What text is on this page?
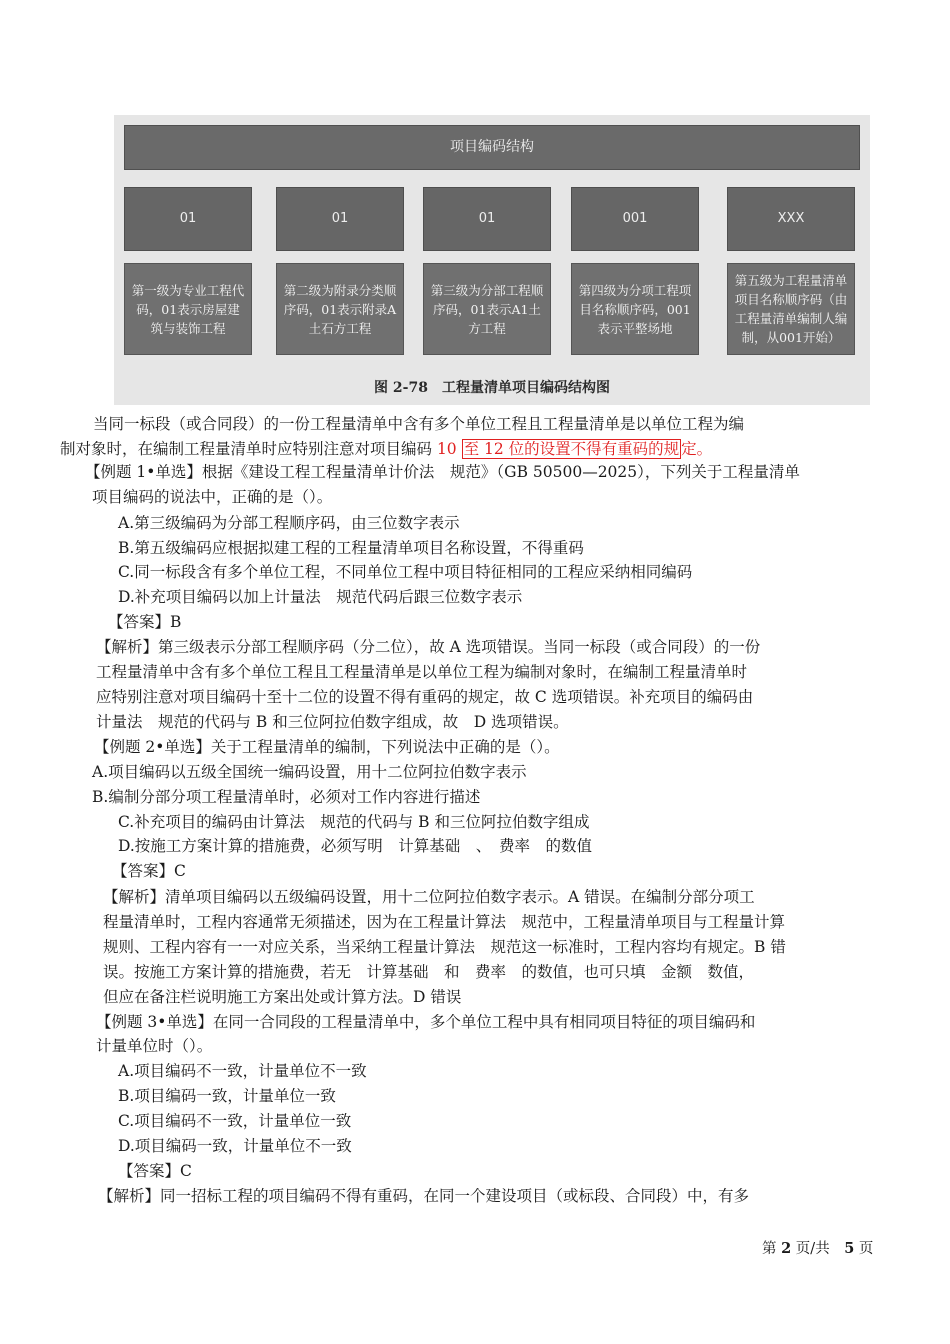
项目编码结构
01	01	01	001	XXX
第一级为专业工程代码，01表示房屋建筑与装饰工程
第二级为附录分类顺序码，01表示附录A土石方工程
第三级为分部工程顺序码，01表示A1土方工程
第四级为分项工程项目名称顺序码，001表示平整场地
第五级为工程量清单项目名称顺序码（由工程量清单编制人编制，从001开始）
图 2-78　工程量清单项目编码结构图
当同一标段（或合同段）的一份工程量清单中含有多个单位工程且工程量清单是以单位工程为编
制对象时，在编制工程量清单时应特别注意对项目编码 10 至 12 位的设置不得有重码的规 定。
【例题 1•单选】根据《建设工程工程量清单计价法　规范》（GB 50500—2025），下列关于工程量清单
项目编码的说法中，正确的是（）。
A.第三级编码为分部工程顺序码，由三位数字表示
B.第五级编码应根据拟建工程的工程量清单项目名称设置，不得重码
C.同一标段含有多个单位工程，不同单位工程中项目特征相同的工程应采纳相同编码
D.补充项目编码以加上计量法　规范代码后跟三位数字表示
【答案】B
【解析】第三级表示分部工程顺序码（分二位），故 A 选项错误。当同一标段（或合同段）的一份
工程量清单中含有多个单位工程且工程量清单是以单位工程为编制对象时，在编制工程量清单时
应特别注意对项目编码十至十二位的设置不得有重码的规定，故 C 选项错误。补充项目的编码由
计量法　规范的代码与 B 和三位阿拉伯数字组成，故　D 选项错误。
【例题 2•单选】关于工程量清单的编制，下列说法中正确的是（）。
A.项目编码以五级全国统一编码设置，用十二位阿拉伯数字表示
B.编制分部分项工程量清单时，必须对工作内容进行描述
C.补充项目的编码由计算法　规范的代码与 B 和三位阿拉伯数字组成
D.按施工方案计算的措施费，必须写明　计算基础　、　费率　的数值
【答案】C
【解析】清单项目编码以五级编码设置，用十二位阿拉伯数字表示。A 错误。在编制分部分项工
程量清单时，工程内容通常无须描述，因为在工程量计算法　规范中，工程量清单项目与工程量计算
规则、工程内容有一一对应关系，当采纳工程量计算法　规范这一标准时，工程内容均有规定。B 错
误。按施工方案计算的措施费，若无　计算基础　和　费率　的数值，也可只填　金额　数值，
但应在备注栏说明施工方案出处或计算方法。D 错误
【例题 3•单选】在同一合同段的工程量清单中，多个单位工程中具有相同项目特征的项目编码和
计量单位时（）。
A.项目编码不一致，计量单位不一致
B.项目编码一致，计量单位一致
C.项目编码不一致，计量单位一致
D.项目编码一致，计量单位不一致
【答案】C
【解析】同一招标工程的项目编码不得有重码，在同一个建设项目（或标段、合同段）中，有多
第 2 页/共　5 页
